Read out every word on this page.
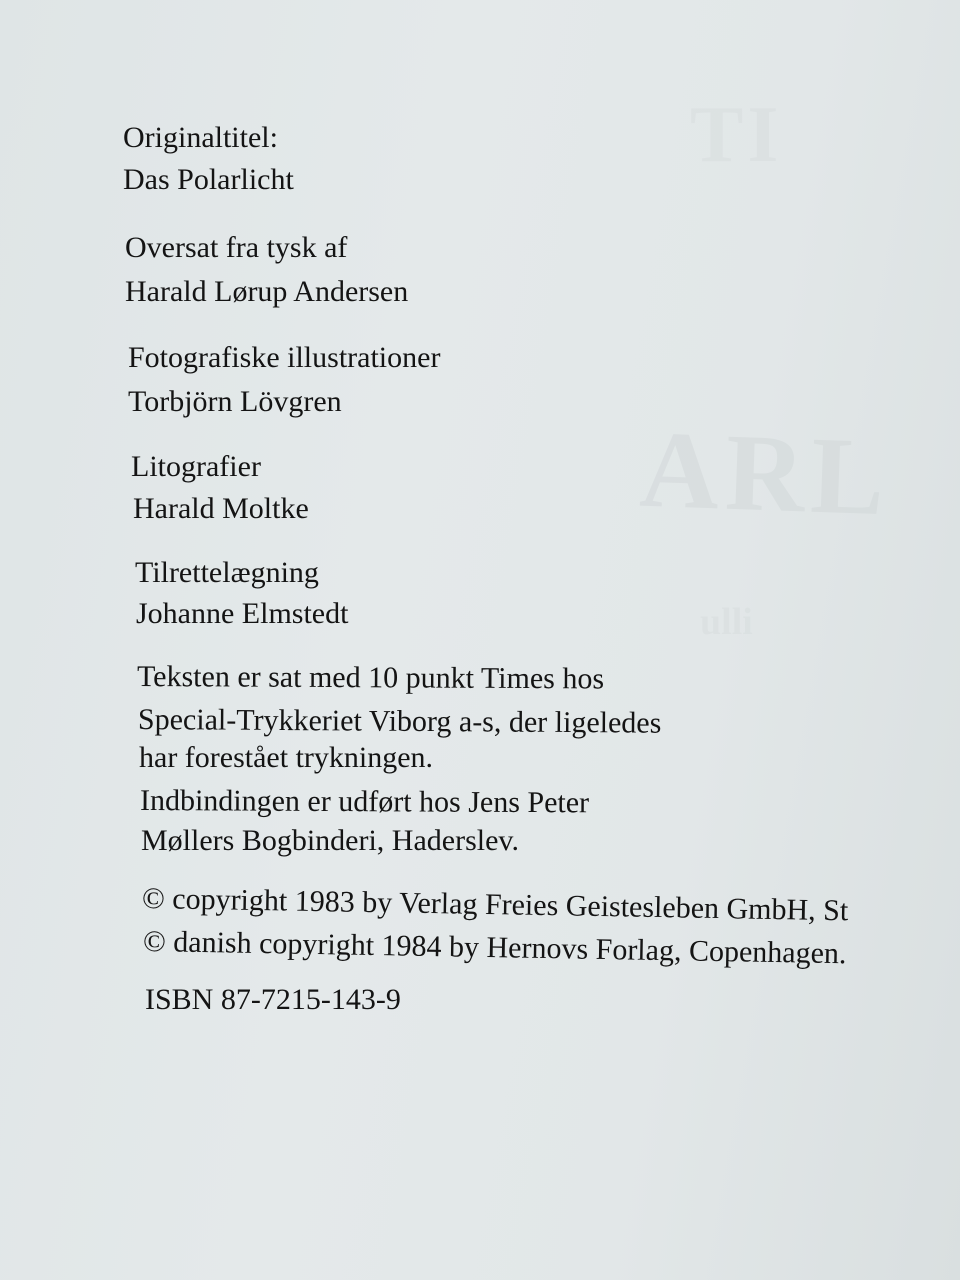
ARL
TI
ulli
Originaltitel:
Das Polarlicht
Oversat fra tysk af
Harald Lørup Andersen
Fotografiske illustrationer
Torbjörn Lövgren
Litografier
Harald Moltke
Tilrettelægning
Johanne Elmstedt
Teksten er sat med 10 punkt Times hos
Special-Trykkeriet Viborg a-s, der ligeledes
har forestået trykningen.
Indbindingen er udført hos Jens Peter
Møllers Bogbinderi, Haderslev.
© copyright 1983 by Verlag Freies Geistesleben GmbH, St
© danish copyright 1984 by Hernovs Forlag, Copenhagen.
ISBN 87-7215-143-9
